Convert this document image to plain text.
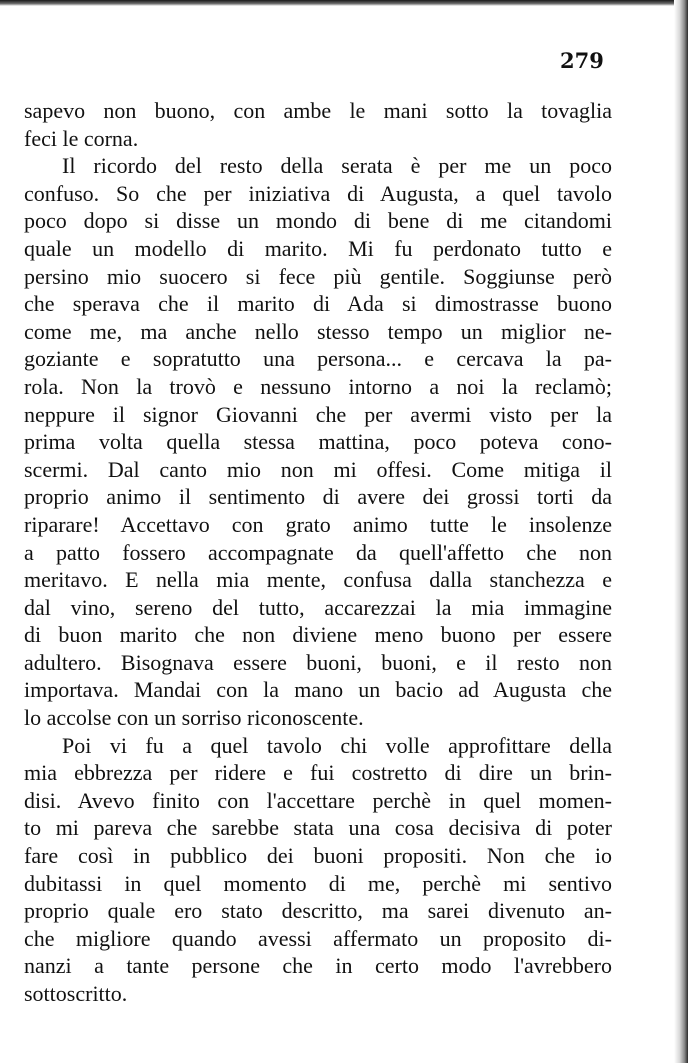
279

sapevo non buono, con ambe le mani sotto la tovaglia
feci le corna.

Il ricordo del resto della serata è per me un poco
confuso. So che per iniziativa di Augusta, a quel tavolo
poco dopo si disse un mondo di bene di me citandomi
quale un modello di marito. Mi fu perdonato tutto e
persino mio suocero si fece più gentile. Soggiunse però
che sperava che il marito di Ada si dimostrasse buono
come me, ma anche nello stesso tempo un miglior ne-
goziante e sopratutto una persona... e cercava la pa-
rola. Non la trovò e nessuno intorno a noi la reclamò;
neppure il signor Giovanni che per avermi visto per la
prima volta quella stessa mattina, poco poteva cono-
scermi. Dal canto mio non mi offesi. Come mitiga il
proprio animo il sentimento di avere dei grossi torti da
riparare! Accettavo con grato animo tutte le insolenze
a patto fossero accompagnate da quell'affetto che non
meritavo. E nella mia mente, confusa dalla stanchezza e
dal vino, sereno del tutto, accarezzai la mia immagine
di buon marito che non diviene meno buono per essere
adultero. Bisognava essere buoni, buoni, e il resto non
importava. Mandai con la mano un bacio ad Augusta che
lo accolse con un sorriso riconoscente.

Poi vi fu a quel tavolo chi volle approfittare della
mia ebbrezza per ridere e fui costretto di dire un brin-
disi. Avevo finito con l'accettare perchè in quel momen-
to mi pareva che sarebbe stata una cosa decisiva di poter
fare così in pubblico dei buoni propositi. Non che io
dubitassi in quel momento di me, perchè mi sentivo
proprio quale ero stato descritto, ma sarei divenuto an-
che migliore quando avessi affermato un proposito di-
nanzi a tante persone che in certo modo l'avrebbero
sottoscritto.
